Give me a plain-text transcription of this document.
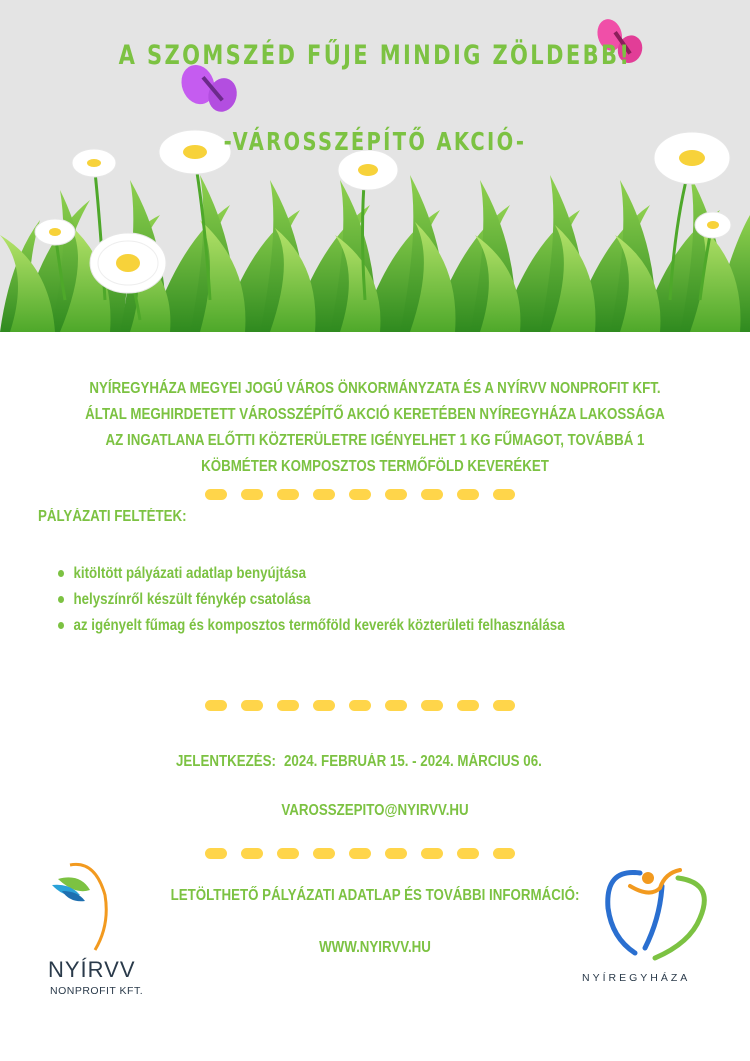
A SZOMSZÉD FŰJE MINDIG ZÖLDEBB!

-VÁROSSZÉPÍTŐ AKCIÓ-

NYÍREGYHÁZA MEGYEI JOGÚ VÁROS ÖNKORMÁNYZATA ÉS A NYÍRVV NONPROFIT KFT. ÁLTAL MEGHIRDETETT VÁROSSZÉPÍTŐ AKCIÓ KERETÉBEN NYÍREGYHÁZA LAKOSSÁGA AZ INGATLANA ELŐTTI KÖZTERÜLETRE IGÉNYELHET 1 KG FŰMAGOT, TOVÁBBÁ 1 KÖBMÉTER KOMPOSZTOS TERMŐFÖLD KEVERÉKET

PÁLYÁZATI FELTÉTEK:

kitöltött pályázati adatlap benyújtása
helyszínről készült fénykép csatolása
az igényelt fűmag és komposztos termőföld keverék közterületi felhasználása

JELENTKEZÉS: 2024. FEBRUÁR 15. - 2024. MÁRCIUS 06.

VAROSSZEPITO@NYIRVV.HU

LETÖLTHETŐ PÁLYÁZATI ADATLAP ÉS TOVÁBBI INFORMÁCIÓ:

WWW.NYIRVV.HU

NYÍRVV

NONPROFIT KFT.

NYÍREGYHÁZA
